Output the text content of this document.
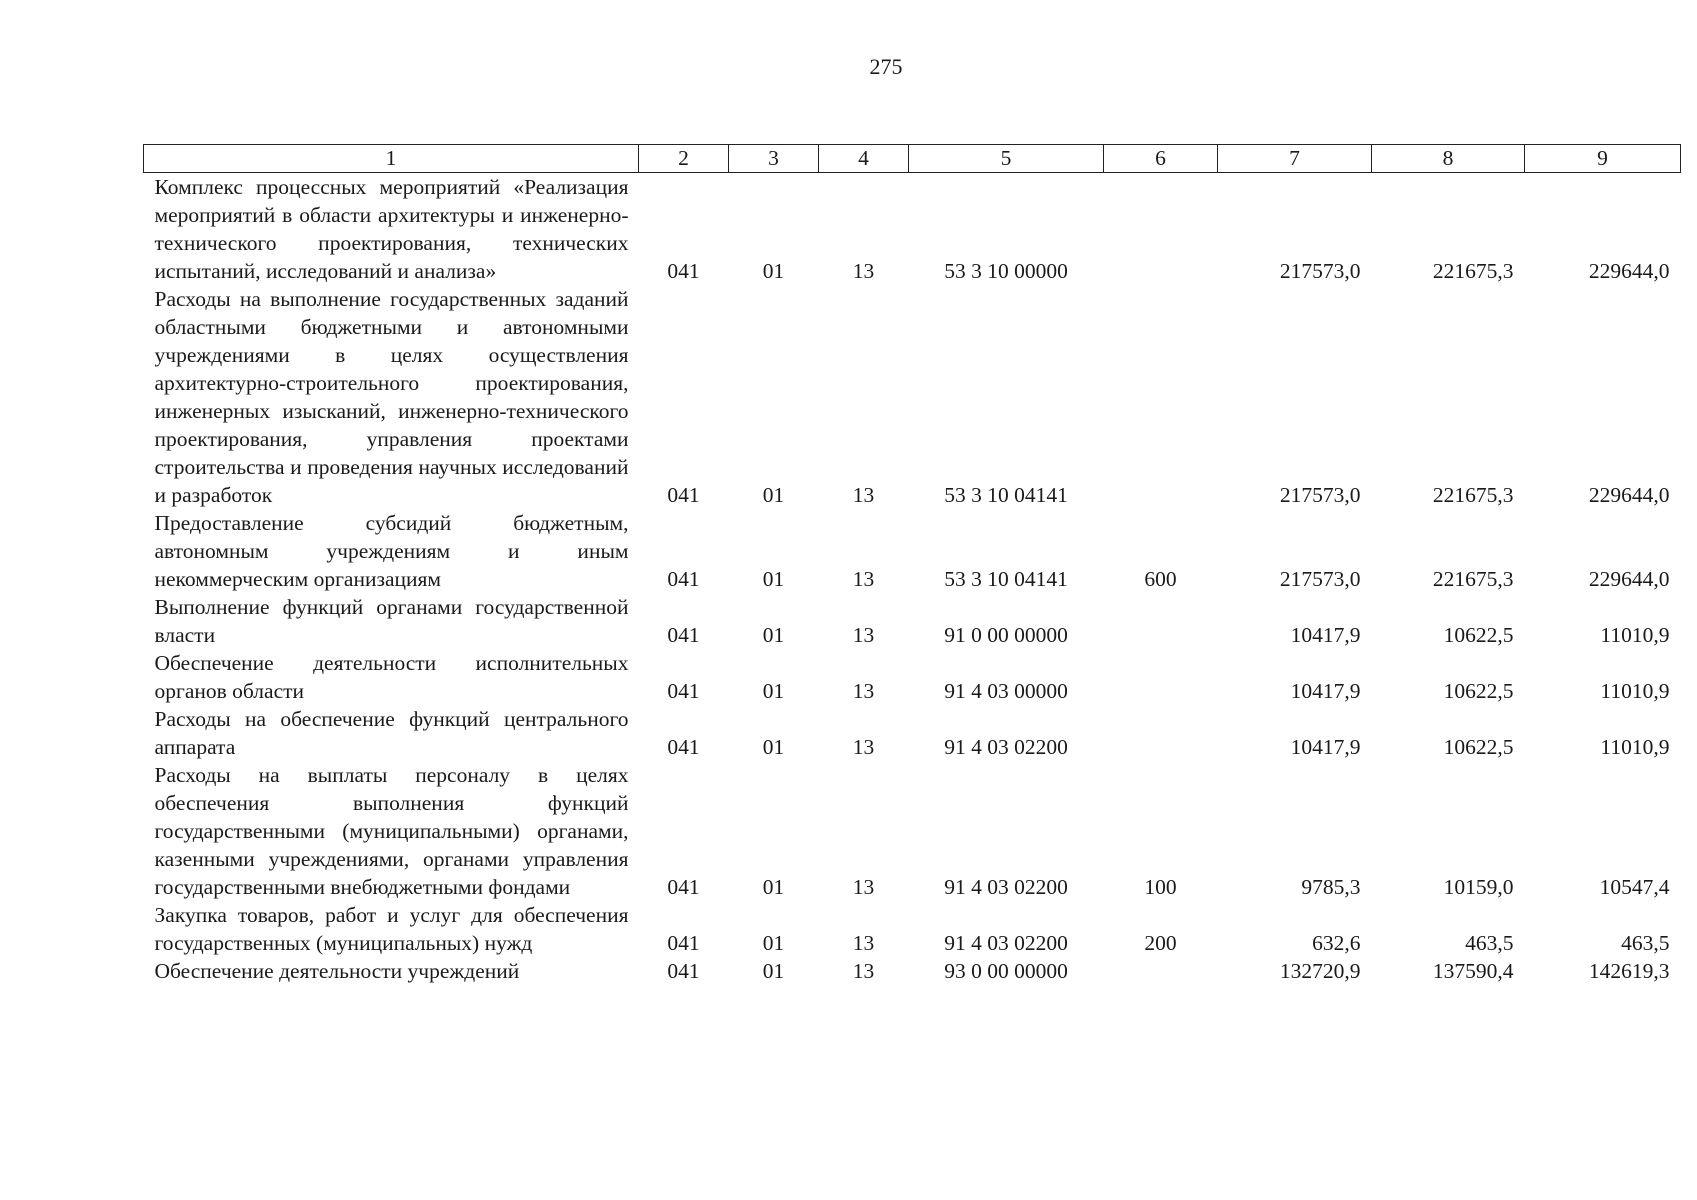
275
1	2	3	4	5	6	7	8	9
Комплекс процессных мероприятий «Реализация мероприятий в области архитектуры и инженерно-технического проектирования, технических испытаний, исследований и анализа»	041	01	13	53 3 10 00000		217573,0	221675,3	229644,0
Расходы на выполнение государственных заданий областными бюджетными и автономными учреждениями в целях осуществления архитектурно-строительного проектирования, инженерных изысканий, инженерно-технического проектирования, управления проектами строительства и проведения научных исследований и разработок	041	01	13	53 3 10 04141		217573,0	221675,3	229644,0
Предоставление субсидий бюджетным, автономным учреждениям и иным некоммерческим организациям	041	01	13	53 3 10 04141	600	217573,0	221675,3	229644,0
Выполнение функций органами государственной власти	041	01	13	91 0 00 00000		10417,9	10622,5	11010,9
Обеспечение деятельности исполнительных органов области	041	01	13	91 4 03 00000		10417,9	10622,5	11010,9
Расходы на обеспечение функций центрального аппарата	041	01	13	91 4 03 02200		10417,9	10622,5	11010,9
Расходы на выплаты персоналу в целях обеспечения выполнения функций государственными (муниципальными) органами, казенными учреждениями, органами управления государственными внебюджетными фондами	041	01	13	91 4 03 02200	100	9785,3	10159,0	10547,4
Закупка товаров, работ и услуг для обеспечения государственных (муниципальных) нужд	041	01	13	91 4 03 02200	200	632,6	463,5	463,5
Обеспечение деятельности учреждений	041	01	13	93 0 00 00000		132720,9	137590,4	142619,3
